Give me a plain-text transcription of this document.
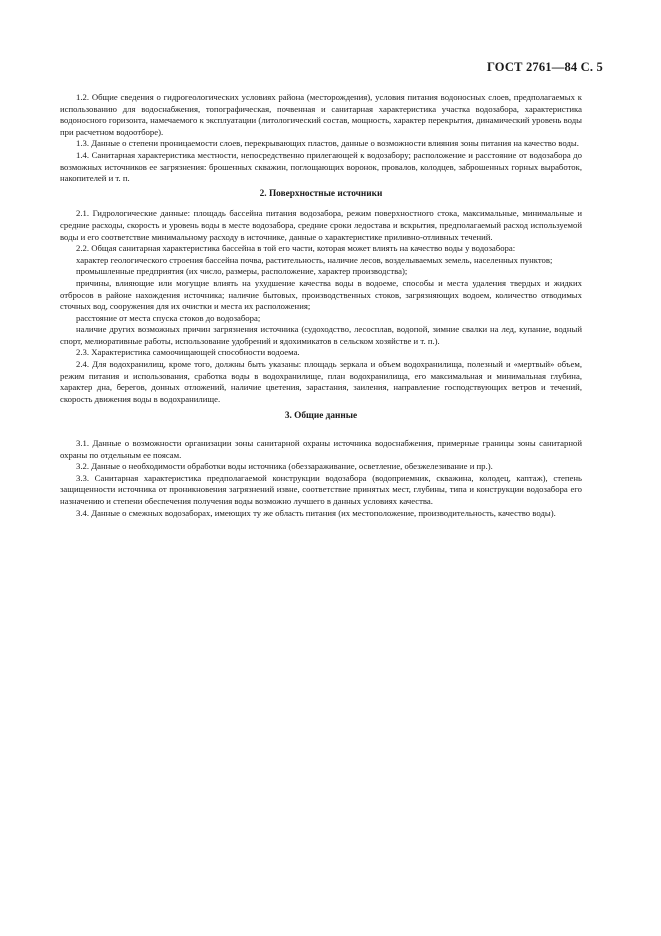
ГОСТ 2761—84 С. 5

1.2. Общие сведения о гидрогеологических условиях района (месторождения), условия питания водоносных слоев, предполагаемых к использованию для водоснабжения, топографическая, почвенная и санитарная характеристика участка водозабора, характеристика водоносного горизонта, намечаемого к эксплуатации (литологический состав, мощность, характер перекрытия, динамический уровень воды при расчетном водоотборе).

1.3. Данные о степени проницаемости слоев, перекрывающих пластов, данные о возможности влияния зоны питания на качество воды.

1.4. Санитарная характеристика местности, непосредственно прилегающей к водозабору; расположение и расстояние от водозабора до возможных источников ее загрязнения: брошенных скважин, поглощающих воронок, провалов, колодцев, заброшенных горных выработок, накопителей и т. п.

2. Поверхностные источники

2.1. Гидрологические данные: площадь бассейна питания водозабора, режим поверхностного стока, максимальные, минимальные и средние расходы, скорость и уровень воды в месте водозабора, средние сроки ледостава и вскрытия, предполагаемый расход используемой воды и его соответствие минимальному расходу в источнике, данные о характеристике приливно-отливных течений.

2.2. Общая санитарная характеристика бассейна в той его части, которая может влиять на качество воды у водозабора:

характер геологического строения бассейна почва, растительность, наличие лесов, возделываемых земель, населенных пунктов;

промышленные предприятия (их число, размеры, расположение, характер производства);

причины, влияющие или могущие влиять на ухудшение качества воды в водоеме, способы и места удаления твердых и жидких отбросов в районе нахождения источника; наличие бытовых, производственных стоков, загрязняющих водоем, количество отводимых сточных вод, сооружения для их очистки и места их расположения;

расстояние от места спуска стоков до водозабора;

наличие других возможных причин загрязнения источника (судоходство, лесосплав, водопой, зимние свалки на лед, купание, водный спорт, мелиоративные работы, использование удобрений и ядохимикатов в сельском хозяйстве и т. п.).

2.3. Характеристика самоочищающей способности водоема.

2.4. Для водохранилищ, кроме того, должны быть указаны: площадь зеркала и объем водохранилища, полезный и «мертвый» объем, режим питания и использования, сработка воды в водохранилище, план водохранилища, его максимальная и минимальная глубина, характер дна, берегов, донных отложений, наличие цветения, зарастания, заиления, направление господствующих ветров и течений, скорость движения воды в водохранилище.

3. Общие данные

3.1. Данные о возможности организации зоны санитарной охраны источника водоснабжения, примерные границы зоны санитарной охраны по отдельным ее поясам.

3.2. Данные о необходимости обработки воды источника (обеззараживание, осветление, обезжелезивание и пр.).

3.3. Санитарная характеристика предполагаемой конструкции водозабора (водоприемник, скважина, колодец, каптаж), степень защищенности источника от проникновения загрязнений извне, соответствие принятых мест, глубины, типа и конструкции водозабора его назначению и степени обеспечения получения воды возможно лучшего в данных условиях качества.

3.4. Данные о смежных водозаборах, имеющих ту же область питания (их местоположение, производительность, качество воды).
